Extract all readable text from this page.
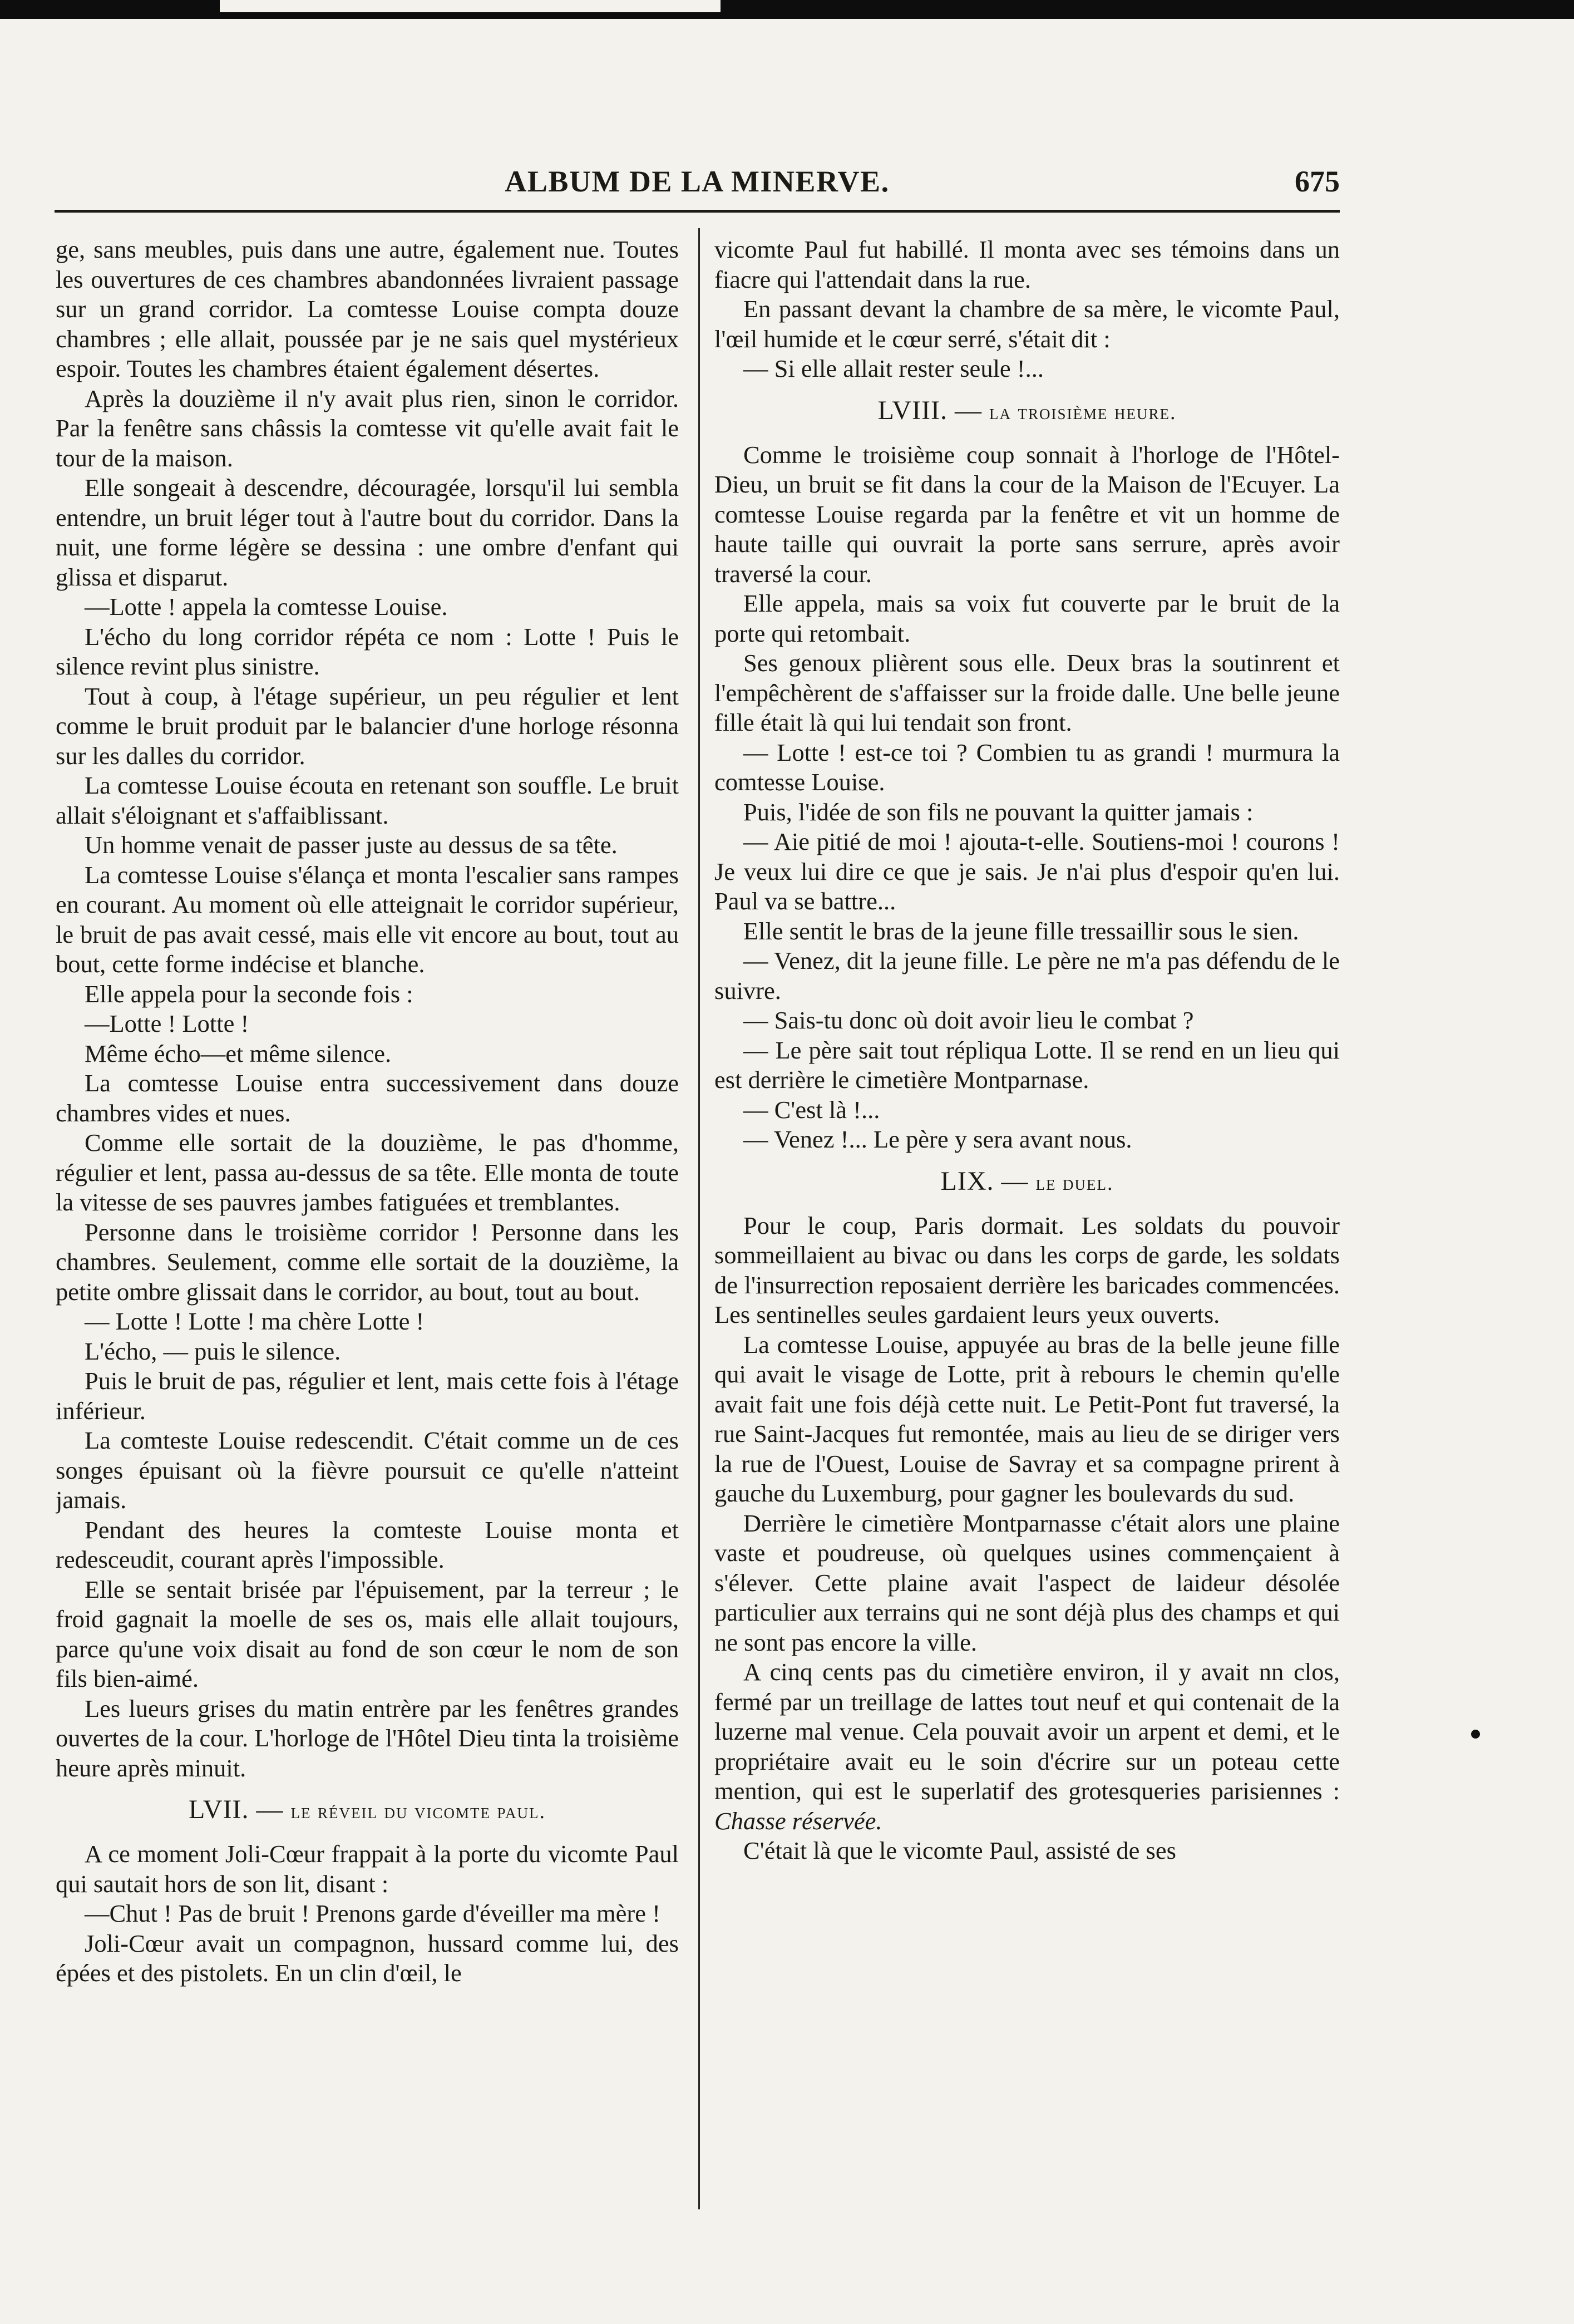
ALBUM DE LA MINERVE.	675

ge, sans meubles, puis dans une autre, également nue. Toutes les ouvertures de ces chambres abandonnées livraient passage sur un grand corridor. La comtesse Louise compta douze chambres ; elle allait, poussée par je ne sais quel mystérieux espoir. Toutes les chambres étaient également désertes.

Après la douzième il n'y avait plus rien, sinon le corridor. Par la fenêtre sans châssis la comtesse vit qu'elle avait fait le tour de la maison.

Elle songeait à descendre, découragée, lorsqu'il lui sembla entendre, un bruit léger tout à l'autre bout du corridor. Dans la nuit, une forme légère se dessina : une ombre d'enfant qui glissa et disparut.

—Lotte ! appela la comtesse Louise.

L'écho du long corridor répéta ce nom : Lotte ! Puis le silence revint plus sinistre.

Tout à coup, à l'étage supérieur, un peu régulier et lent comme le bruit produit par le balancier d'une horloge résonna sur les dalles du corridor.

La comtesse Louise écouta en retenant son souffle. Le bruit allait s'éloignant et s'affaiblissant.

Un homme venait de passer juste au dessus de sa tête.

La comtesse Louise s'élança et monta l'escalier sans rampes en courant. Au moment où elle atteignait le corridor supérieur, le bruit de pas avait cessé, mais elle vit encore au bout, tout au bout, cette forme indécise et blanche.

Elle appela pour la seconde fois :

—Lotte ! Lotte !

Même écho—et même silence.

La comtesse Louise entra successivement dans douze chambres vides et nues.

Comme elle sortait de la douzième, le pas d'homme, régulier et lent, passa au-dessus de sa tête. Elle monta de toute la vitesse de ses pauvres jambes fatiguées et tremblantes.

Personne dans le troisième corridor ! Personne dans les chambres. Seulement, comme elle sortait de la douzième, la petite ombre glissait dans le corridor, au bout, tout au bout.

— Lotte ! Lotte ! ma chère Lotte !

L'écho, — puis le silence.

Puis le bruit de pas, régulier et lent, mais cette fois à l'étage inférieur.

La comteste Louise redescendit. C'était comme un de ces songes épuisant où la fièvre poursuit ce qu'elle n'atteint jamais.

Pendant des heures la comteste Louise monta et redesceudit, courant après l'impossible.

Elle se sentait brisée par l'épuisement, par la terreur ; le froid gagnait la moelle de ses os, mais elle allait toujours, parce qu'une voix disait au fond de son cœur le nom de son fils bien-aimé.

Les lueurs grises du matin entrère par les fenêtres grandes ouvertes de la cour. L'horloge de l'Hôtel Dieu tinta la troisième heure après minuit.

LVII. — le réveil du vicomte paul.

A ce moment Joli-Cœur frappait à la porte du vicomte Paul qui sautait hors de son lit, disant :

—Chut ! Pas de bruit ! Prenons garde d'éveiller ma mère !

Joli-Cœur avait un compagnon, hussard comme lui, des épées et des pistolets. En un clin d'œil, le

vicomte Paul fut habillé. Il monta avec ses témoins dans un fiacre qui l'attendait dans la rue.

En passant devant la chambre de sa mère, le vicomte Paul, l'œil humide et le cœur serré, s'était dit :

— Si elle allait rester seule !...

LVIII. — la troisième heure.

Comme le troisième coup sonnait à l'horloge de l'Hôtel-Dieu, un bruit se fit dans la cour de la Maison de l'Ecuyer. La comtesse Louise regarda par la fenêtre et vit un homme de haute taille qui ouvrait la porte sans serrure, après avoir traversé la cour.

Elle appela, mais sa voix fut couverte par le bruit de la porte qui retombait.

Ses genoux plièrent sous elle. Deux bras la soutinrent et l'empêchèrent de s'affaisser sur la froide dalle. Une belle jeune fille était là qui lui tendait son front.

— Lotte ! est-ce toi ? Combien tu as grandi ! murmura la comtesse Louise.

Puis, l'idée de son fils ne pouvant la quitter jamais :

— Aie pitié de moi ! ajouta-t-elle. Soutiens-moi ! courons ! Je veux lui dire ce que je sais. Je n'ai plus d'espoir qu'en lui. Paul va se battre...

Elle sentit le bras de la jeune fille tressaillir sous le sien.

— Venez, dit la jeune fille. Le père ne m'a pas défendu de le suivre.

— Sais-tu donc où doit avoir lieu le combat ?

— Le père sait tout répliqua Lotte. Il se rend en un lieu qui est derrière le cimetière Montparnase.

— C'est là !...

— Venez !... Le père y sera avant nous.

LIX. — le duel.

Pour le coup, Paris dormait. Les soldats du pouvoir sommeillaient au bivac ou dans les corps de garde, les soldats de l'insurrection reposaient derrière les baricades commencées. Les sentinelles seules gardaient leurs yeux ouverts.

La comtesse Louise, appuyée au bras de la belle jeune fille qui avait le visage de Lotte, prit à rebours le chemin qu'elle avait fait une fois déjà cette nuit. Le Petit-Pont fut traversé, la rue Saint-Jacques fut remontée, mais au lieu de se diriger vers la rue de l'Ouest, Louise de Savray et sa compagne prirent à gauche du Luxemburg, pour gagner les boulevards du sud.

Derrière le cimetière Montparnasse c'était alors une plaine vaste et poudreuse, où quelques usines commençaient à s'élever. Cette plaine avait l'aspect de laideur désolée particulier aux terrains qui ne sont déjà plus des champs et qui ne sont pas encore la ville.

A cinq cents pas du cimetière environ, il y avait nn clos, fermé par un treillage de lattes tout neuf et qui contenait de la luzerne mal venue. Cela pouvait avoir un arpent et demi, et le propriétaire avait eu le soin d'écrire sur un poteau cette mention, qui est le superlatif des grotesqueries parisiennes : Chasse réservée.

C'était là que le vicomte Paul, assisté de ses
